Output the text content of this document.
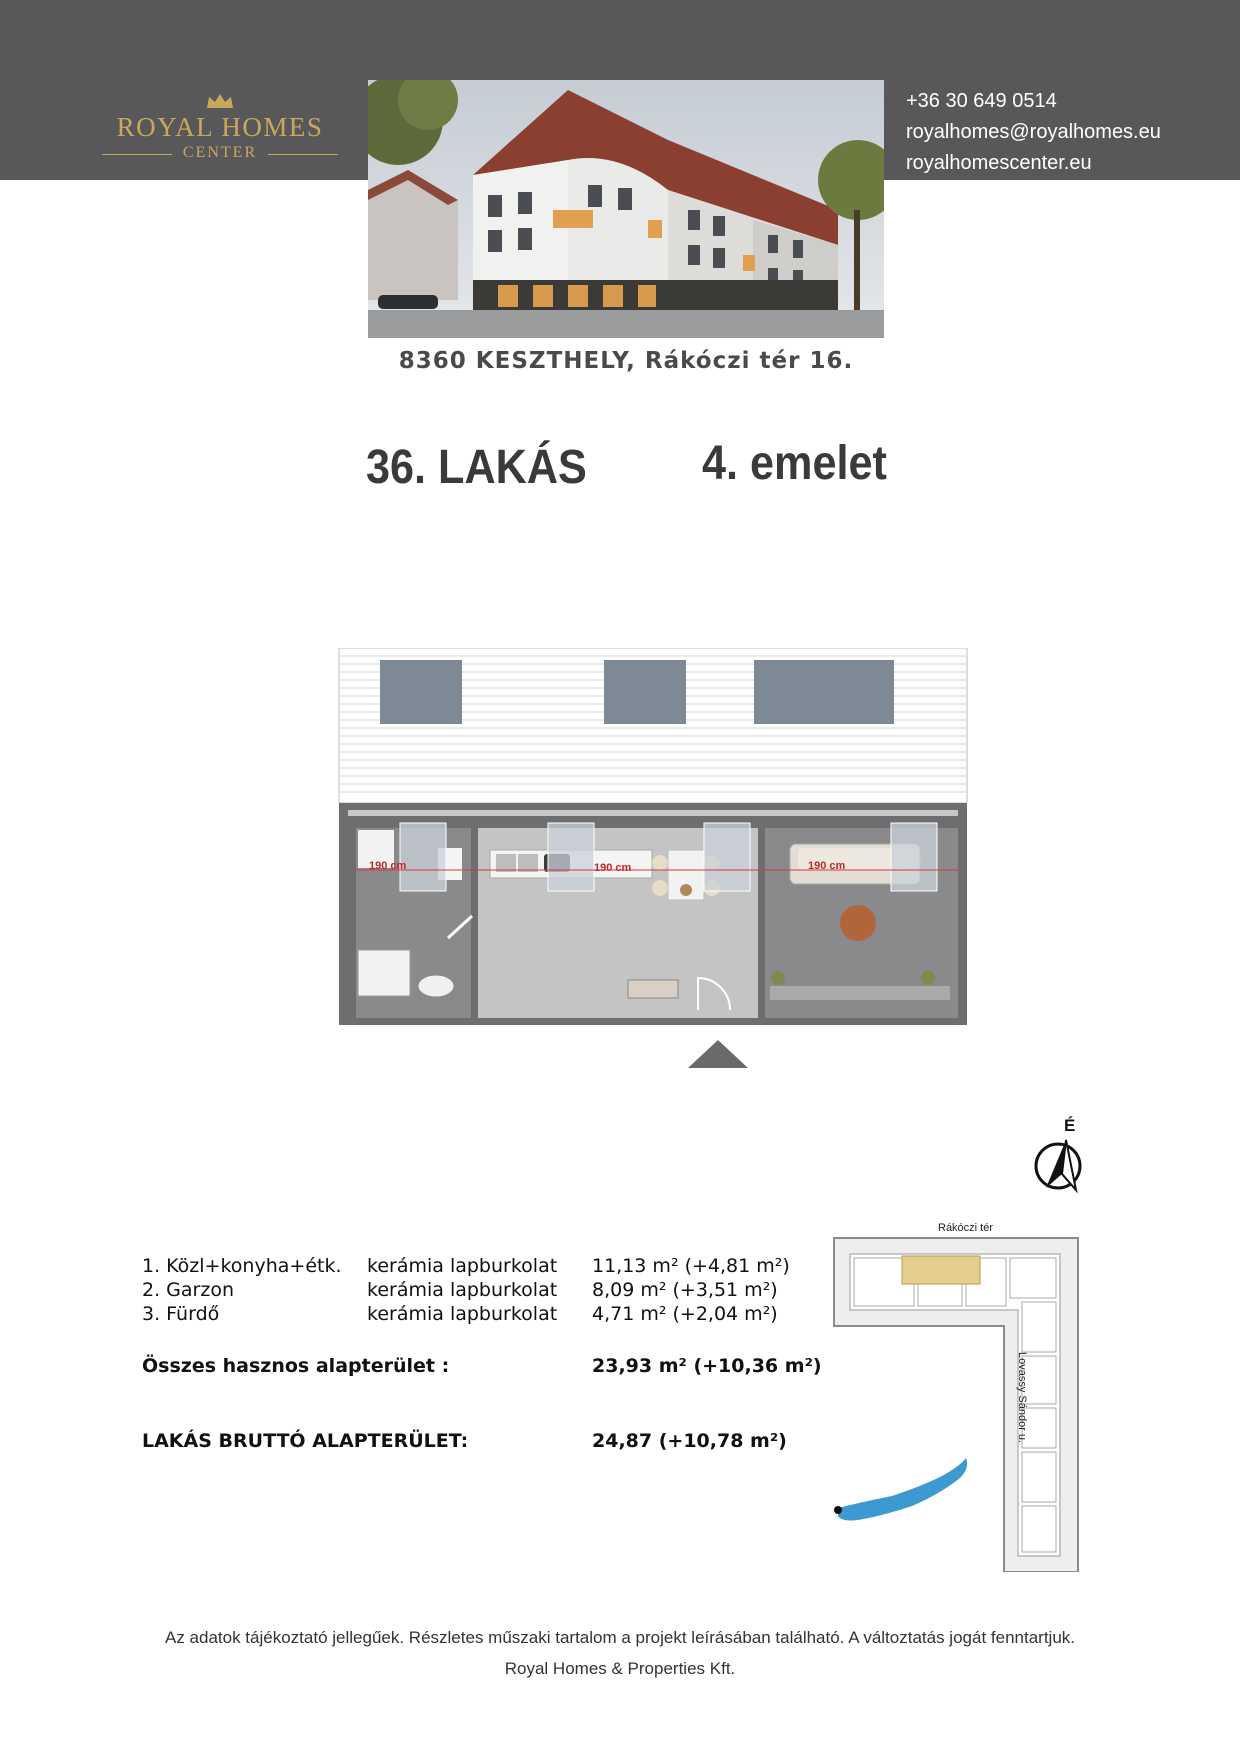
ROYAL HOMES
CENTER
+36 30 649 0514
royalhomes@royalhomes.eu
royalhomescenter.eu
8360 KESZTHELY, Rákóczi tér 16.
36. LAKÁS 4. emelet
190 cm	190 cm	190 cm
É
1. Közl+konyha+étk. kerámia lapburkolat 11,13 m² (+4,81 m²)
2. Garzon	kerámia lapburkolat 8,09 m² (+3,51 m²)
3. Fürdő	kerámia lapburkolat 4,71 m² (+2,04 m²)
Összes hasznos alapterület :	23,93 m² (+10,36 m²)
LAKÁS BRUTTÓ ALAPTERÜLET:	24,87 (+10,78 m²)
Rákóczi tér
Lovassy Sándor u.
Az adatok tájékoztató jellegűek. Részletes műszaki tartalom a projekt leírásában található. A változtatás jogát fenntartjuk.
Royal Homes & Properties Kft.
